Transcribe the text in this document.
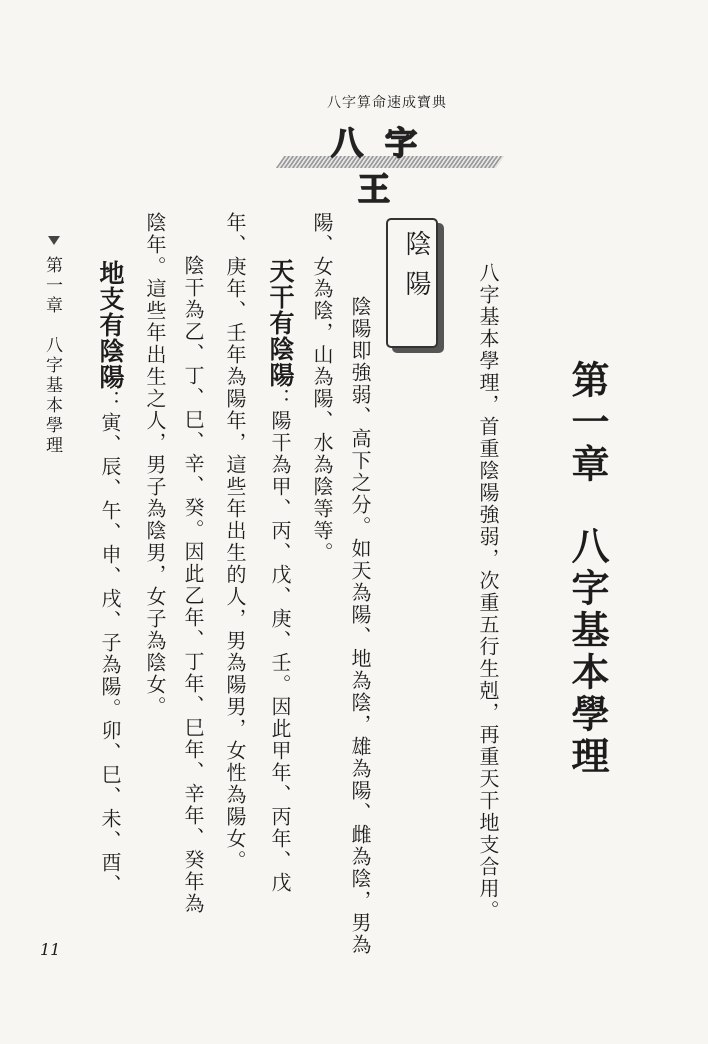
八字算命速成寶典
八字王
第一章八字基本學理
八字基本學理，首重陰陽強弱，次重五行生剋，再重天干地支合用。
陰陽
陰陽即強弱、高下之分。如天為陽、地為陰，雄為陽、雌為陰，男為
陽、女為陰，山為陽、水為陰等等。
天干有陰陽：陽干為甲、丙、戊、庚、壬。因此甲年、丙年、戊
年、庚年、壬年為陽年，這些年出生的人，男為陽男，女性為陽女。
陰干為乙、丁、巳、辛、癸。因此乙年、丁年、巳年、辛年、癸年為
陰年。這些年出生之人，男子為陰男，女子為陰女。
地支有陰陽：寅、辰、午、申、戌、子為陽。卯、巳、未、酉、
第一章　八字基本學理
11
